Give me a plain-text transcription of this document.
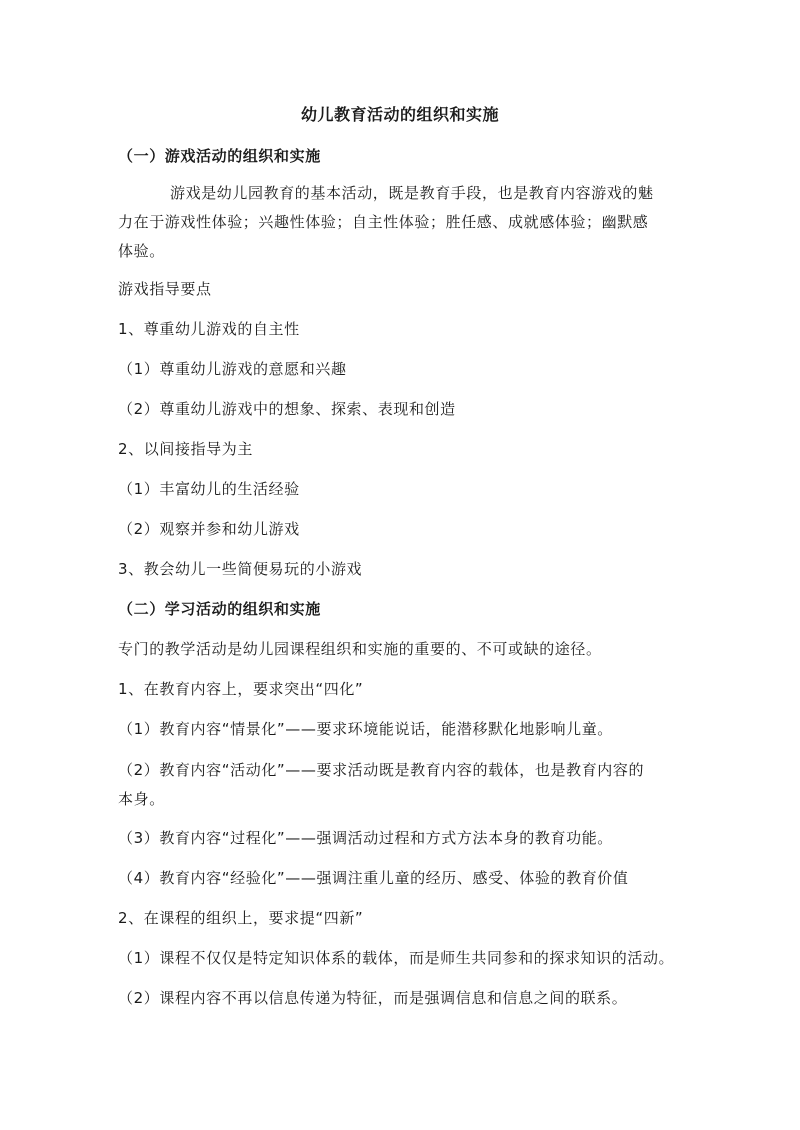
幼儿教育活动的组织和实施
（一）游戏活动的组织和实施
游戏是幼儿园教育的基本活动，既是教育手段，也是教育内容游戏的魅
力在于游戏性体验；兴趣性体验；自主性体验；胜任感、成就感体验；幽默感
体验。
游戏指导要点
1、尊重幼儿游戏的自主性
（1）尊重幼儿游戏的意愿和兴趣
（2）尊重幼儿游戏中的想象、探索、表现和创造
2、以间接指导为主
（1）丰富幼儿的生活经验
（2）观察并参和幼儿游戏
3、教会幼儿一些简便易玩的小游戏
（二）学习活动的组织和实施
专门的教学活动是幼儿园课程组织和实施的重要的、不可或缺的途径。
1、在教育内容上，要求突出“四化”
（1）教育内容“情景化”——要求环境能说话，能潜移默化地影响儿童。
（2）教育内容“活动化”——要求活动既是教育内容的载体，也是教育内容的
本身。
（3）教育内容“过程化”——强调活动过程和方式方法本身的教育功能。
（4）教育内容“经验化”——强调注重儿童的经历、感受、体验的教育价值
2、在课程的组织上，要求提“四新”
（1）课程不仅仅是特定知识体系的载体，而是师生共同参和的探求知识的活动。
（2）课程内容不再以信息传递为特征，而是强调信息和信息之间的联系。
